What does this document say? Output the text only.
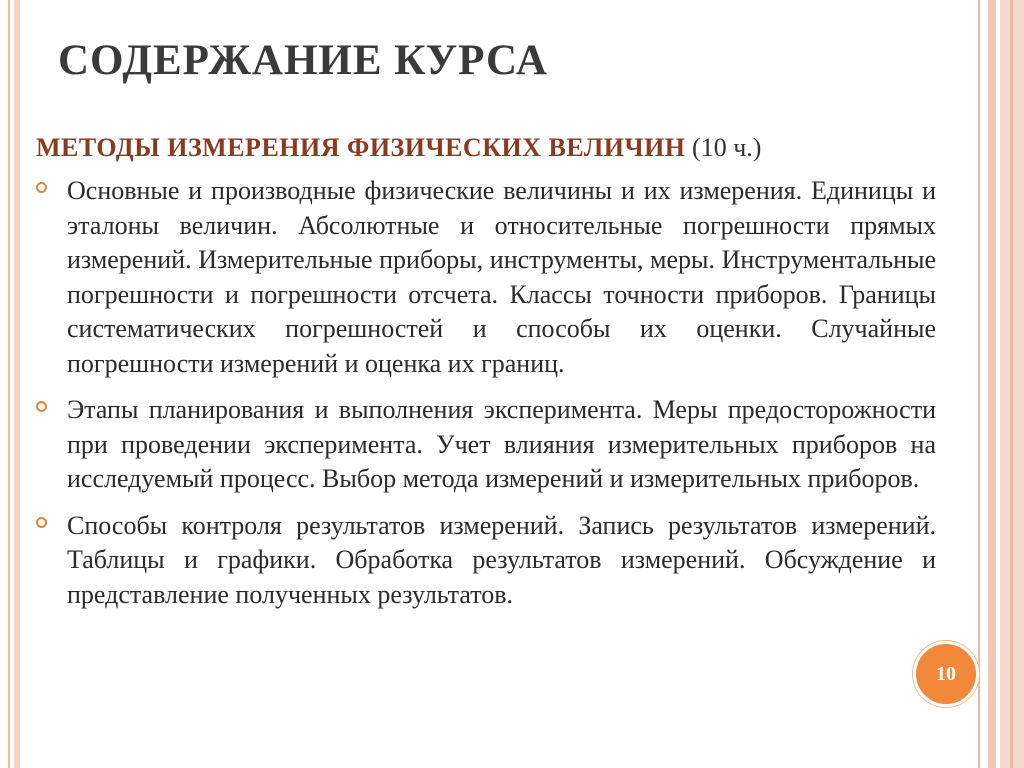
СОДЕРЖАНИЕ КУРСА
МЕТОДЫ ИЗМЕРЕНИЯ ФИЗИЧЕСКИХ ВЕЛИЧИН (10 ч.)
Основные и производные физические величины и их измерения. Единицы и эталоны величин. Абсолютные и относительные погрешности прямых измерений. Измерительные приборы, инструменты, меры. Инструментальные погрешности и погрешности отсчета. Классы точности приборов. Границы систематических погрешностей и способы их оценки. Случайные погрешности измерений и оценка их границ.
Этапы планирования и выполнения эксперимента. Меры предосторожности при проведении эксперимента. Учет влияния измерительных приборов на исследуемый процесс. Выбор метода измерений и измерительных приборов.
Способы контроля результатов измерений. Запись результатов измерений. Таблицы и графики. Обработка результатов измерений. Обсуждение и представление полученных результатов.
10
